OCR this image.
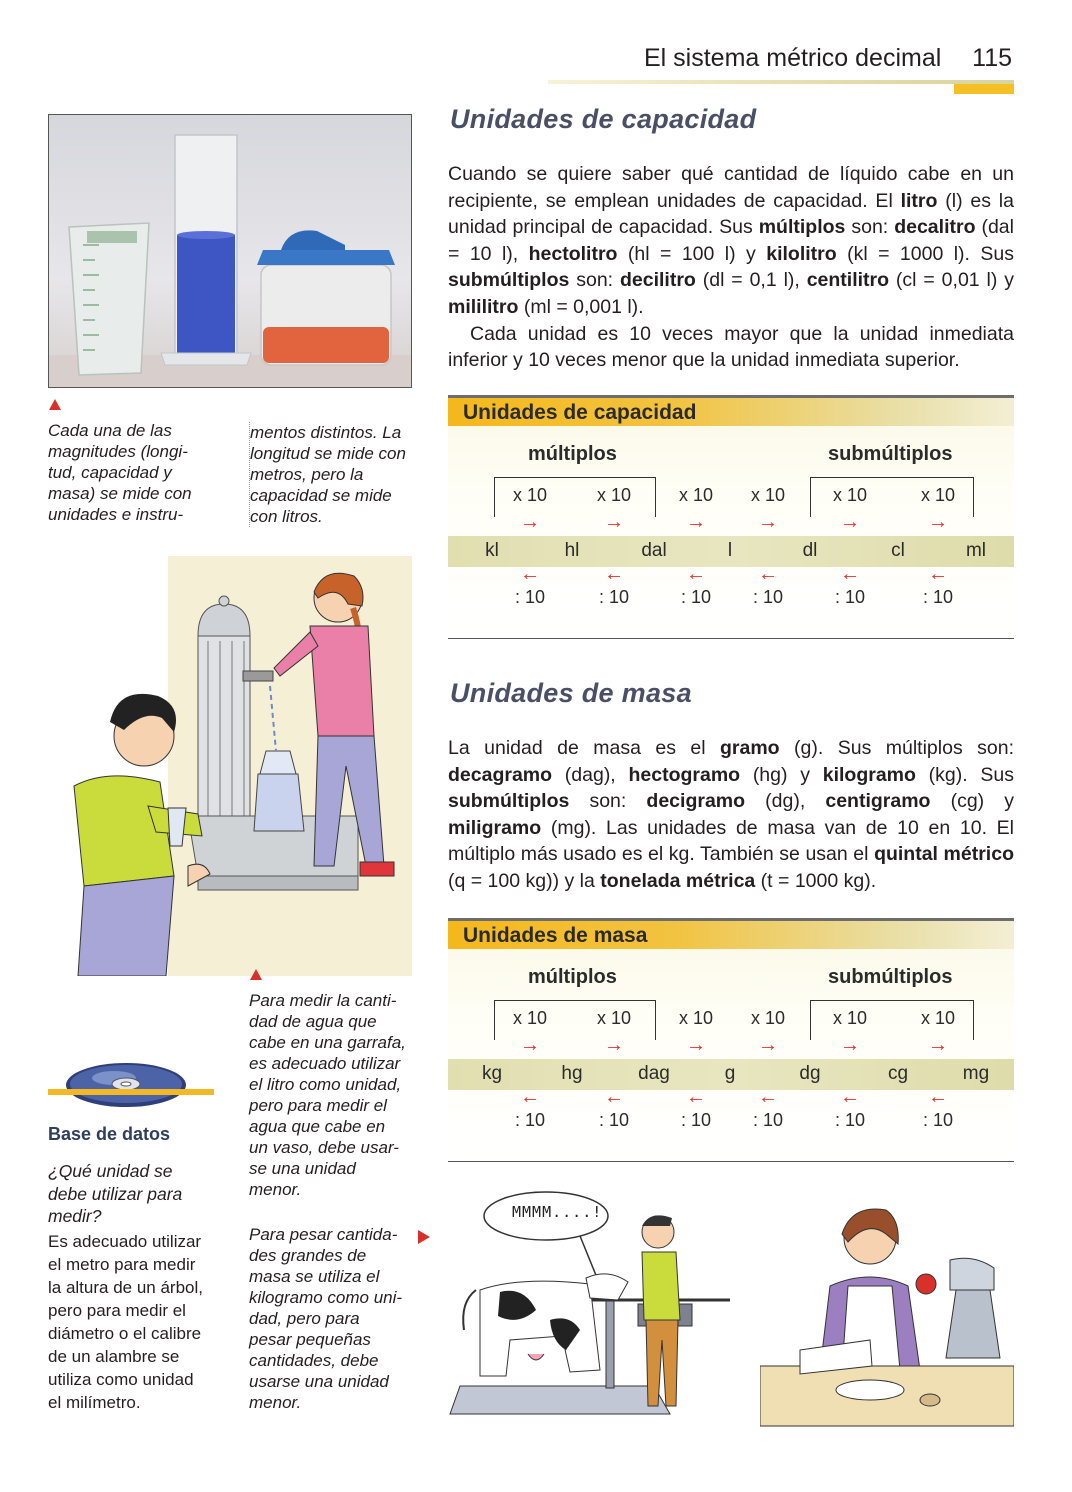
El sistema métrico decimal 115
Cada una de las
magnitudes (longi-
tud, capacidad y
masa) se mide con
unidades e instru-
mentos distintos. La
longitud se mide con
metros, pero la
capacidad se mide
con litros.
Para medir la canti-
dad de agua que
cabe en una garrafa,
es adecuado utilizar
el litro como unidad,
pero para medir el
agua que cabe en
un vaso, debe usar-
se una unidad
menor.
Base de datos
¿Qué unidad se
debe utilizar para
medir?
Es adecuado utilizar
el metro para medir
la altura de un árbol,
pero para medir el
diámetro o el calibre
de un alambre se
utiliza como unidad
el milímetro.
Para pesar cantida-
des grandes de
masa se utiliza el
kilogramo como uni-
dad, pero para
pesar pequeñas
cantidades, debe
usarse una unidad
menor.
Unidades de capacidad

Cuando se quiere saber qué cantidad de líquido cabe en un recipiente, se emplean unidades de capacidad. El litro (l) es la unidad principal de capacidad. Sus múltiplos son: decalitro (dal = 10 l), hectolitro (hl = 100 l) y kilolitro (kl = 1000 l). Sus submúltiplos son: decilitro (dl = 0,1 l), centilitro (cl = 0,01 l) y mililitro (ml = 0,001 l).

Cada unidad es 10 veces mayor que la unidad inmediata inferior y 10 veces menor que la unidad inmediata superior.

Unidades de capacidad
múltiplos	submúltiplos
kl	hl	dal	l	dl	cl	ml
x 10
→
←
: 10
x 10
→
←
: 10
x 10
→
←
: 10
x 10
→
←
: 10
x 10
→
←
: 10
x 10
→
←
: 10
Unidades de masa

La unidad de masa es el gramo (g). Sus múltiplos son: decagramo (dag), hectogramo (hg) y kilogramo (kg). Sus submúltiplos son: decigramo (dg), centigramo (cg) y miligramo (mg). Las unidades de masa van de 10 en 10. El múltiplo más usado es el kg. También se usan el quintal métrico (q = 100 kg)) y la tonelada métrica (t = 1000 kg).

Unidades de masa
múltiplos	submúltiplos
kg	hg	dag	g	dg	cg	mg
x 10
→
←
: 10
x 10
→
←
: 10
x 10
→
←
: 10
x 10
→
←
: 10
x 10
→
←
: 10
x 10
→
←
: 10
MMMM....!
